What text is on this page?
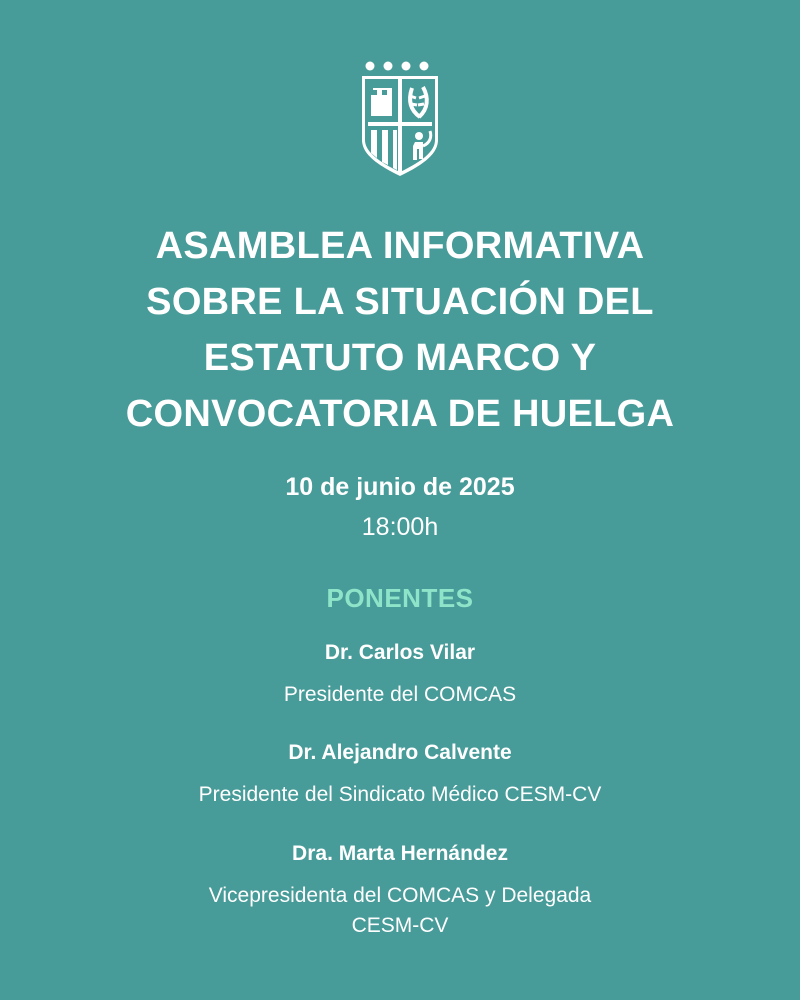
ASAMBLEA INFORMATIVA
SOBRE LA SITUACIÓN DEL
ESTATUTO MARCO Y
CONVOCATORIA DE HUELGA
10 de junio de 2025
18:00h
PONENTES
Dr. Carlos Vilar
Presidente del COMCAS
Dr. Alejandro Calvente
Presidente del Sindicato Médico CESM-CV
Dra. Marta Hernández
Vicepresidenta del COMCAS y Delegada
CESM-CV
